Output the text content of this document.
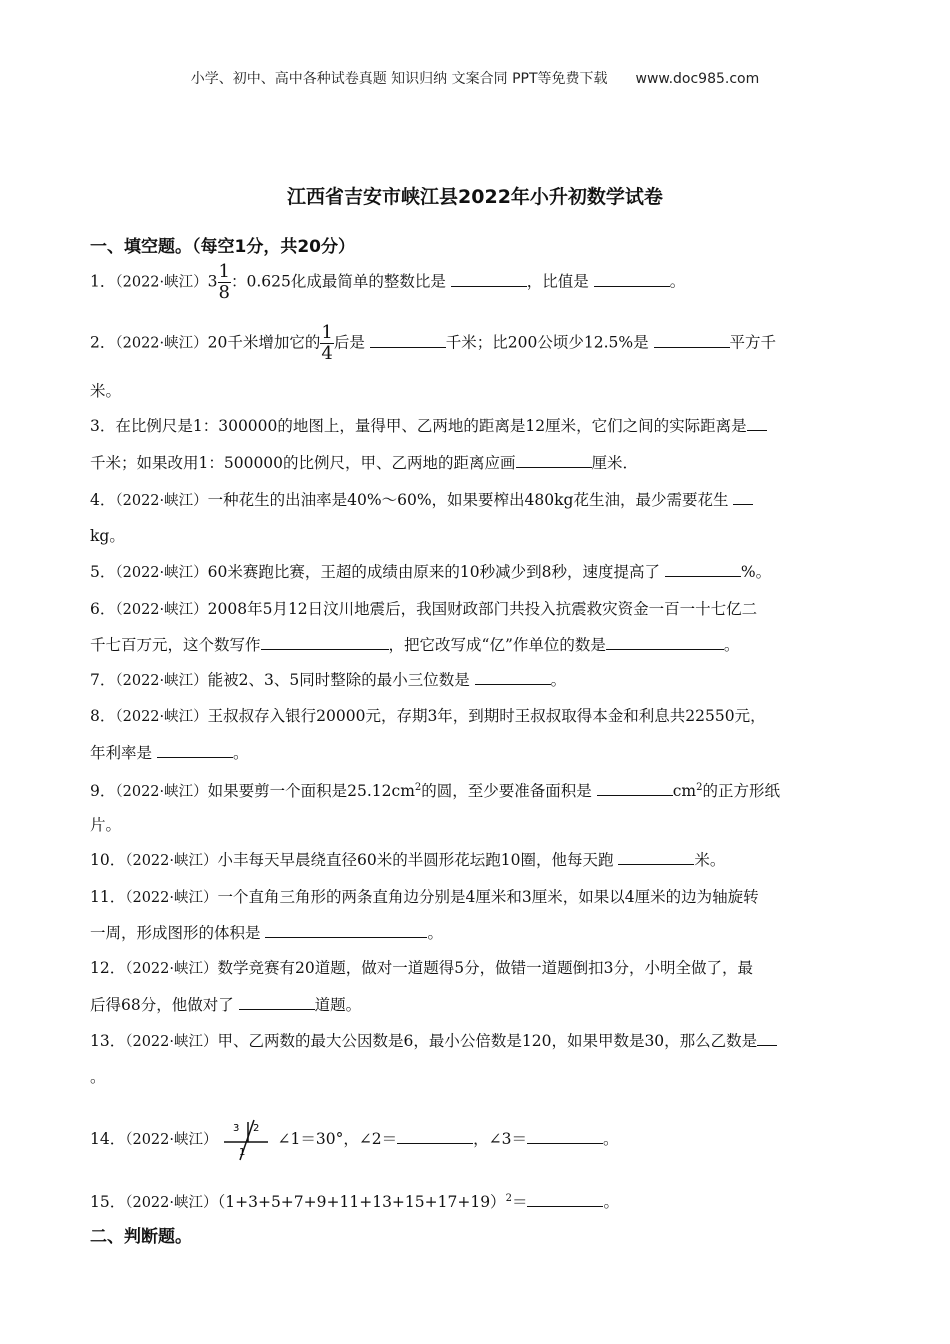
小学、初中、高中各种试卷真题 知识归纳 文案合同 PPT等免费下载 www.doc985.com
江西省吉安市峡江县2022年小升初数学试卷
一、填空题。（每空1分，共20分）
1．（2022·峡江）$3 \frac{1}{8}$ ：0.625化成最简单的整数比是	，比值是	。
2．（2022·峡江）20千米增加它的 $\frac{1}{4}$ 后是	千米；比200公顷少12.5%是	平方千
米。
3．在比例尺是1：300000的地图上，量得甲、乙两地的距离是12厘米，它们之间的实际距离是
千米；如果改用1：500000的比例尺，甲、乙两地的距离应画	厘米．
4．（2022·峡江）一种花生的出油率是40%～60%，如果要榨出480kg花生油，最少需要花生
kg。
5．（2022·峡江）60米赛跑比赛，王超的成绩由原来的10秒减少到8秒，速度提高了	%。
6．（2022·峡江）2008年5月12日汶川地震后，我国财政部门共投入抗震救灾资金一百一十七亿二
千七百万元，这个数写作	，把它改写成“亿”作单位的数是	。
7．（2022·峡江）能被2、3、5同时整除的最小三位数是	。
8．（2022·峡江）王叔叔存入银行20000元，存期3年，到期时王叔叔取得本金和利息共22550元，
年利率是	。
9．（2022·峡江）如果要剪一个面积是$25.12cm^2$的圆，至少要准备面积是	$cm^2$的正方形纸
片。
10．（2022·峡江）小丰每天早晨绕直径60米的半圆形花坛跑10圈，他每天跑	米。
11．（2022·峡江）一个直角三角形的两条直角边分别是4厘米和3厘米，如果以4厘米的边为轴旋转
一周，形成图形的体积是	。
12．（2022·峡江）数学竞赛有20道题，做对一道题得5分，做错一道题倒扣3分，小明全做了，最
后得68分，他做对了	道题。
13．（2022·峡江）甲、乙两数的最大公因数是6，最小公倍数是120，如果甲数是30，那么乙数是
。
14．（2022·峡江）
3 2
1
∠1＝30°，∠2＝	，∠3＝	。
15．（2022·峡江）$(1+3+5+7+9+11+13+15+17+19)^2=$	。
二、判断题。
